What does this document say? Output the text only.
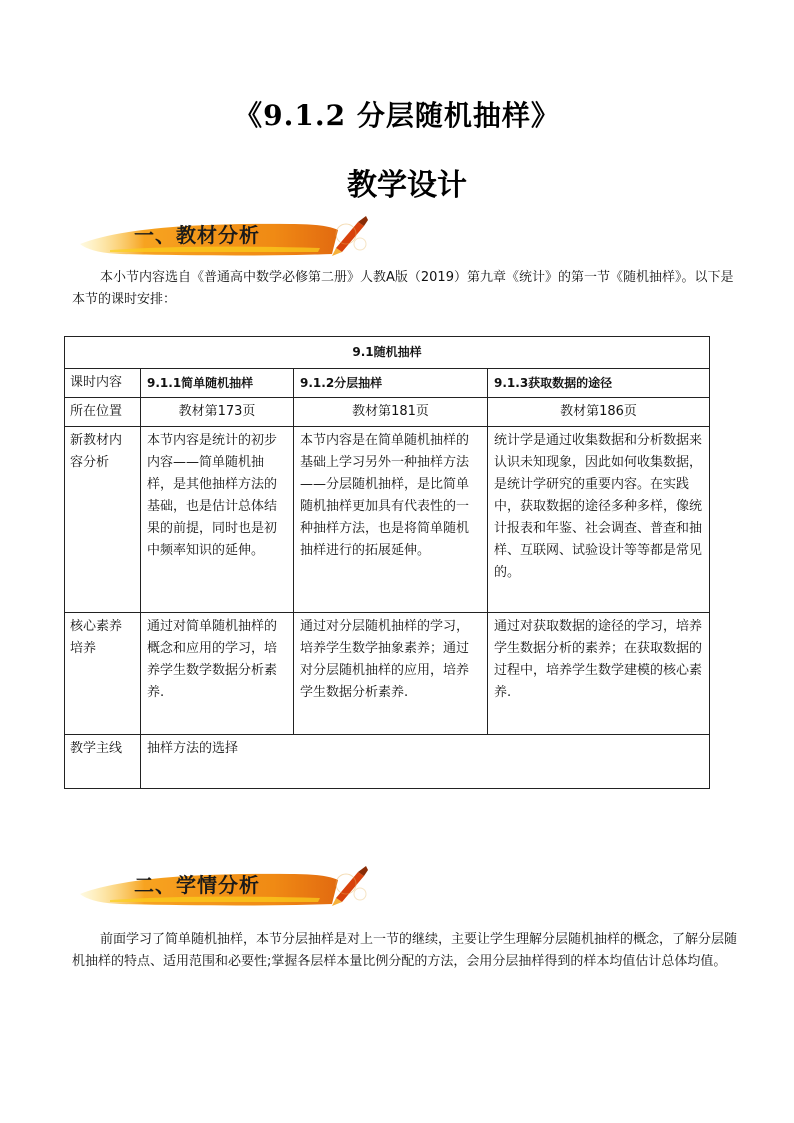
《9.1.2 分层随机抽样》
教学设计
一、教材分析
本小节内容选自《普通高中数学必修第二册》人教A版（2019）第九章《统计》的第一节《随机抽样》。以下是本节的课时安排：
9.1随机抽样			
课时内容	9.1.1简单随机抽样	9.1.2分层抽样	9.1.3获取数据的途径
所在位置	教材第173页	教材第181页	教材第186页
新教材内容分析	本节内容是统计的初步内容——简单随机抽样，是其他抽样方法的基础，也是估计总体结果的前提，同时也是初中频率知识的延伸。	本节内容是在简单随机抽样的基础上学习另外一种抽样方法——分层随机抽样，是比简单随机抽样更加具有代表性的一种抽样方法，也是将简单随机抽样进行的拓展延伸。	统计学是通过收集数据和分析数据来认识未知现象，因此如何收集数据，是统计学研究的重要内容。在实践中，获取数据的途径多种多样，像统计报表和年鉴、社会调查、普查和抽样、互联网、试验设计等等都是常见的。
核心素养培养	通过对简单随机抽样的概念和应用的学习，培养学生数学数据分析素养.	通过对分层随机抽样的学习，培养学生数学抽象素养；通过对分层随机抽样的应用，培养学生数据分析素养.	通过对获取数据的途径的学习，培养学生数据分析的素养；在获取数据的过程中，培养学生数学建模的核心素养.
教学主线	抽样方法的选择		
二、学情分析
前面学习了简单随机抽样，本节分层抽样是对上一节的继续，主要让学生理解分层随机抽样的概念，了解分层随机抽样的特点、适用范围和必要性;掌握各层样本量比例分配的方法，会用分层抽样得到的样本均值估计总体均值。
